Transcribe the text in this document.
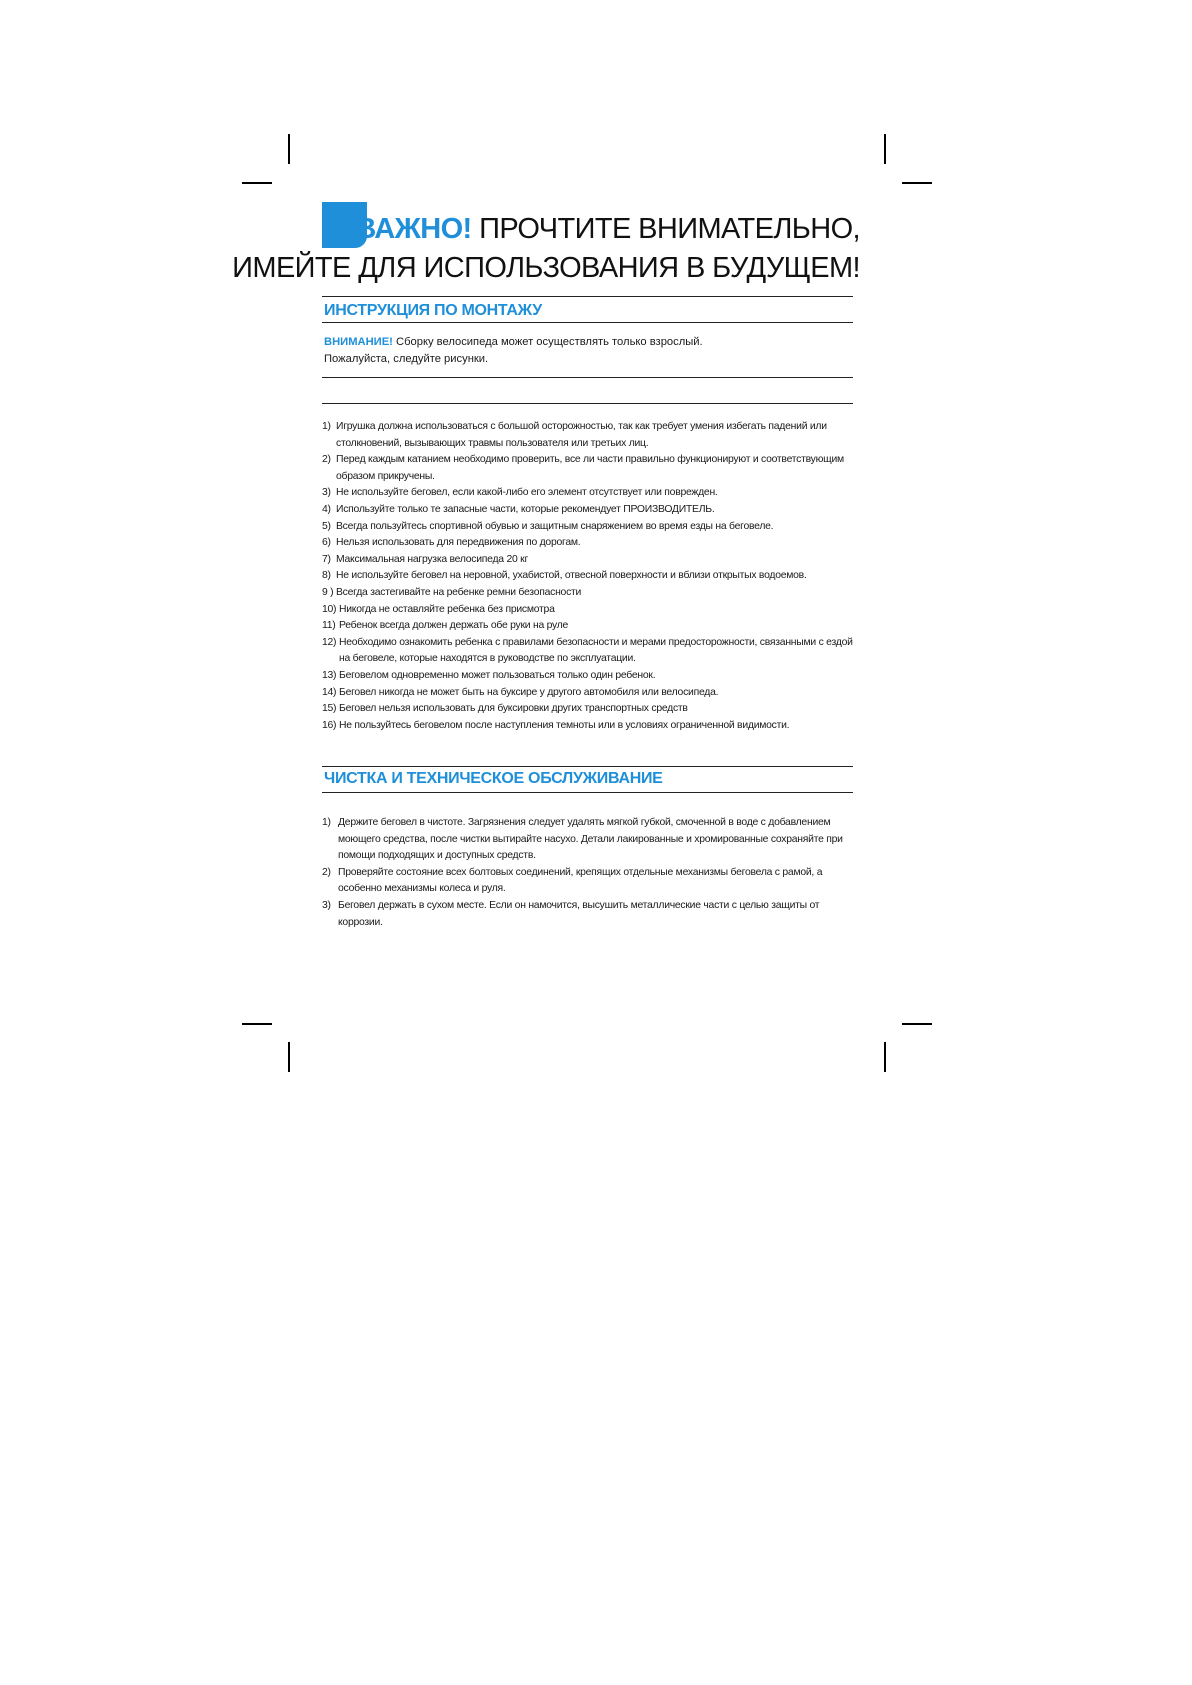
ВАЖНО! ПРОЧТИТЕ ВНИМАТЕЛЬНО,
ИМЕЙТЕ ДЛЯ ИСПОЛЬЗОВАНИЯ В БУДУЩЕМ!
ИНСТРУКЦИЯ ПО МОНТАЖУ
ВНИМАНИЕ! Сборку велосипеда может осуществлять только взрослый.
Пожалуйста, следуйте рисунки.
1) Игрушка должна использоваться с большой осторожностью, так как требует умения избегать падений или столкновений, вызывающих травмы пользователя или третьих лиц.
2) Перед каждым катанием необходимо проверить, все ли части правильно функционируют и соответствующим образом прикручены.
3) Не используйте беговел, если какой-либо его элемент отсутствует или поврежден.
4) Используйте только те запасные части, которые рекомендует ПРОИЗВОДИТЕЛЬ.
5) Всегда пользуйтесь спортивной обувью и защитным снаряжением во время езды на беговеле.
6) Нельзя использовать для передвижения по дорогам.
7) Максимальная нагрузка велосипеда 20 кг
8) Не используйте беговел на неровной, ухабистой, отвесной поверхности и вблизи открытых водоемов.
9 ) Всегда застегивайте на ребенке ремни безопасности
10) Никогда не оставляйте ребенка без присмотра
11) Ребенок всегда должен держать обе руки на руле
12) Необходимо ознакомить ребенка с правилами безопасности и мерами предосторожности, связанными с ездой на беговеле, которые находятся в руководстве по эксплуатации.
13) Беговелом одновременно может пользоваться только один ребенок.
14) Беговел никогда не может быть на буксире у другого автомобиля или велосипеда.
15) Беговел нельзя использовать для буксировки других транспортных средств
16) Не пользуйтесь беговелом после наступления темноты или в условиях ограниченной видимости.
ЧИСТКА И ТЕХНИЧЕСКОЕ ОБСЛУЖИВАНИЕ
1) Держите беговел в чистоте. Загрязнения следует удалять мягкой губкой, смоченной в воде с добавлением моющего средства, после чистки вытирайте насухо. Детали лакированные и хромированные сохраняйте при помощи подходящих и доступных средств.
2) Проверяйте состояние всех болтовых соединений, крепящих отдельные механизмы беговела с рамой, а особенно механизмы колеса и руля.
3) Беговел держать в сухом месте. Если он намочится, высушить металлические части с целью защиты от коррозии.
